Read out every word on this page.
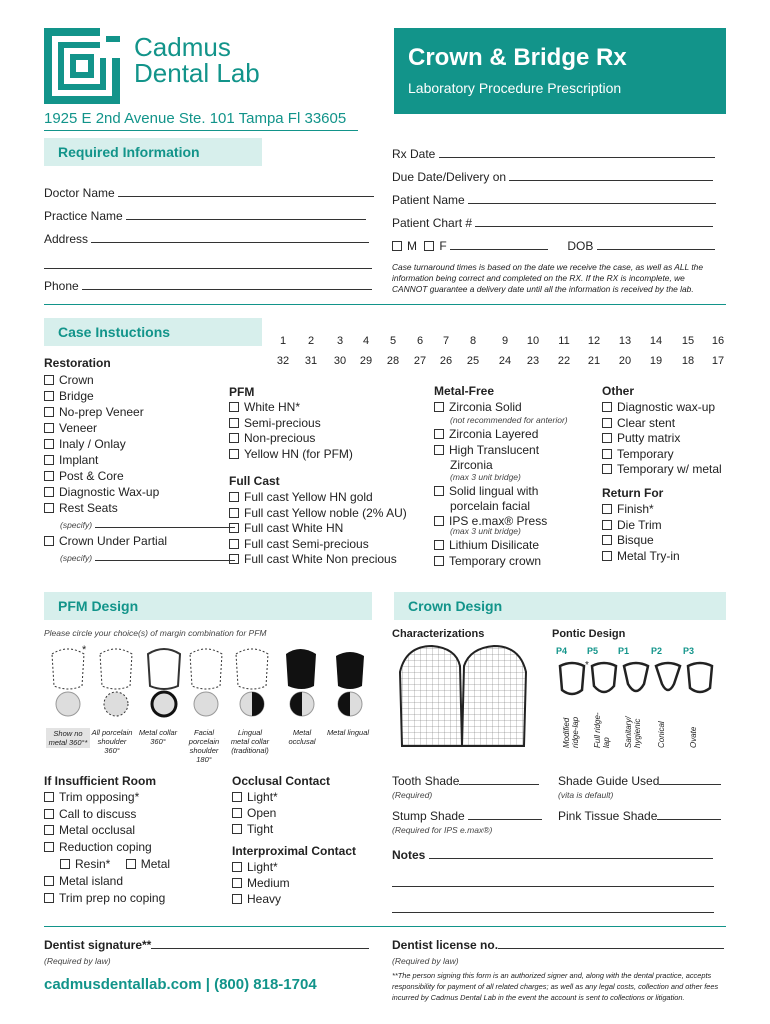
Cadmus
Dental Lab
Crown & Bridge Rx
Laboratory Procedure Prescription
1925 E 2nd Avenue Ste. 101 Tampa Fl 33605
Required Information
Doctor Name
Practice Name
Address
Phone
Rx Date
Due Date/Delivery on
Patient Name
Patient Chart #
M F	DOB
Case turnaround times is based on the date we receive the case, as well as ALL the information being correct and completed on the RX. If the RX is incomplete, we CANNOT guarantee a delivery date until all the information is received by the lab.
Case Instuctions
1	2	3	4	5	6	7	8	9	10	11	12	13	14	15	16
32	31	30	29	28	27	26	25	24	23	22	21	20	19	18	17
Restoration
Crown
Bridge
No-prep Veneer
Veneer
Inaly / Onlay
Implant
Post & Core
Diagnostic Wax-up
Rest Seats
(specify)
Crown Under Partial
(specify)
PFM
White HN*
Semi-precious
Non-precious
Yellow HN (for PFM)
Full Cast
Full cast Yellow HN gold
Full cast Yellow noble (2% AU)
Full cast White HN
Full cast Semi-precious
Full cast White Non precious
Metal-Free
Zirconia Solid
(not recommended for anterior)
Zirconia Layered
High Translucent
Zirconia
(max 3 unit bridge)
Solid lingual with
porcelain facial
IPS e.max® Press
(max 3 unit bridge)
Lithium Disilicate
Temporary crown
Other
Diagnostic wax-up
Clear stent
Putty matrix
Temporary
Temporary w/ metal
Return For
Finish*
Die Trim
Bisque
Metal Try-in
PFM Design	Crown Design
Please circle your choice(s) of margin combination for PFM
*
Show no metal 360°*
All porcelain shoulder 360°
Metal collar 360°
Facial porcelain shoulder 180°
Lingual metal collar (traditional)
Metal occlusal
Metal lingual
Characterizations	Pontic Design
P4 P5 P1 P2 P3
*
Modified ridge-lap Full ridge-lap Sanitary/ hygienic Conical	Ovate
If Insufficient Room
Trim opposing*
Call to discuss
Metal occlusal
Reduction coping
Resin*	Metal
Metal island
Trim prep no coping
Occlusal Contact
Light*
Open
Tight
Interproximal Contact
Light*
Medium
Heavy
Tooth Shade
(Required)
Shade Guide Used
(vita is default)
Stump Shade
(Required for IPS e.max®)
Pink Tissue Shade
Notes
Dentist signature**
(Required by law)
Dentist license no.
(Required by law)
cadmusdentallab.com | (800) 818-1704
**The person signing this form is an authorized signer and, along with the dental practice, accepts responsibility for payment of all related charges; as well as any legal costs, collection and other fees incurred by Cadmus Dental Lab in the event the account is sent to collections or litigation.
